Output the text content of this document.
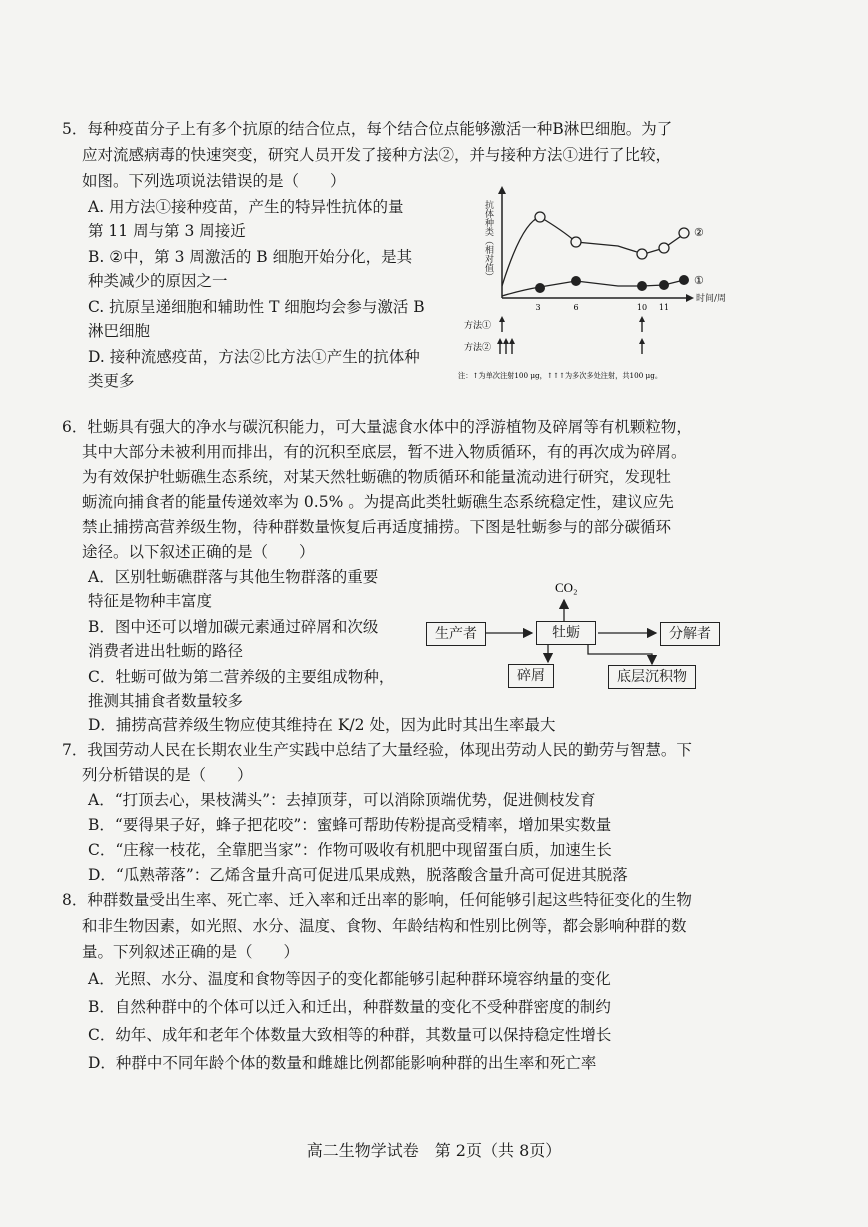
5．每种疫苗分子上有多个抗原的结合位点，每个结合位点能够激活一种B淋巴细胞。为了
应对流感病毒的快速突变，研究人员开发了接种方法②，并与接种方法①进行了比较，
如图。下列选项说法错误的是（　　）
A. 用方法①接种疫苗，产生的特异性抗体的量
第 11 周与第 3 周接近
B. ②中，第 3 周激活的 B 细胞开始分化，是其
种类减少的原因之一
C. 抗原呈递细胞和辅助性 T 细胞均会参与激活 B
淋巴细胞
D. 接种流感疫苗，方法②比方法①产生的抗体种
类更多
抗体种类（相对值）
时间/周
3	6	10 11
②
①
方法①
方法②
注：↑为单次注射100 μg，↑↑↑为多次多处注射，共100 μg。
6．牡蛎具有强大的净水与碳沉积能力，可大量滤食水体中的浮游植物及碎屑等有机颗粒物，
其中大部分未被利用而排出，有的沉积至底层，暂不进入物质循环，有的再次成为碎屑。
为有效保护牡蛎礁生态系统，对某天然牡蛎礁的物质循环和能量流动进行研究，发现牡
蛎流向捕食者的能量传递效率为 0.5% 。为提高此类牡蛎礁生态系统稳定性，建议应先
禁止捕捞高营养级生物，待种群数量恢复后再适度捕捞。下图是牡蛎参与的部分碳循环
途径。以下叙述正确的是（　　）
A．区别牡蛎礁群落与其他生物群落的重要
特征是物种丰富度
B．图中还可以增加碳元素通过碎屑和次级
消费者进出牡蛎的路径
C．牡蛎可做为第二营养级的主要组成物种，
推测其捕食者数量较多
D．捕捞高营养级生物应使其维持在 K/2 处，因为此时其出生率最大
CO₂
生产者	牡蛎	分解者
碎屑	底层沉积物
7．我国劳动人民在长期农业生产实践中总结了大量经验，体现出劳动人民的勤劳与智慧。下
列分析错误的是（　　）
A．“打顶去心，果枝满头”：去掉顶芽，可以消除顶端优势，促进侧枝发育
B．“要得果子好，蜂子把花咬”：蜜蜂可帮助传粉提高受精率，增加果实数量
C．“庄稼一枝花，全靠肥当家”：作物可吸收有机肥中现留蛋白质，加速生长
D．“瓜熟蒂落”：乙烯含量升高可促进瓜果成熟，脱落酸含量升高可促进其脱落
8．种群数量受出生率、死亡率、迁入率和迁出率的影响，任何能够引起这些特征变化的生物
和非生物因素，如光照、水分、温度、食物、年龄结构和性别比例等，都会影响种群的数
量。下列叙述正确的是（　　）
A．光照、水分、温度和食物等因子的变化都能够引起种群环境容纳量的变化
B．自然种群中的个体可以迁入和迁出，种群数量的变化不受种群密度的制约
C．幼年、成年和老年个体数量大致相等的种群，其数量可以保持稳定性增长
D．种群中不同年龄个体的数量和雌雄比例都能影响种群的出生率和死亡率
高二生物学试卷　第 2页（共 8页）
